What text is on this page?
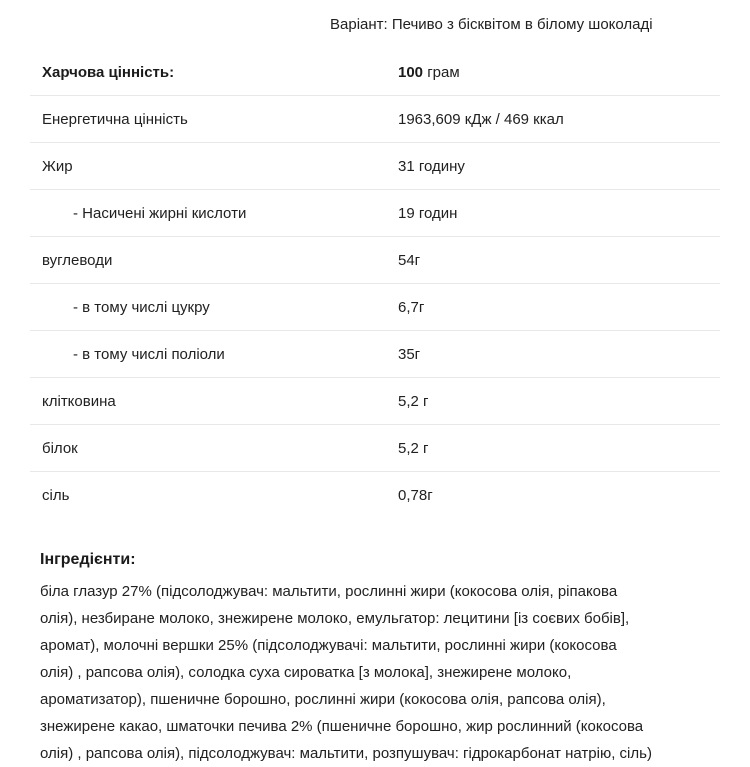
Варіант: Печиво з бісквітом в білому шоколаді
Харчова цінність:	100 грам
Енергетична цінність	1963,609 кДж / 469 ккал
Жир	31 годину
- Насичені жирні кислоти	19 годин
вуглеводи	54г
- в тому числі цукру	6,7г
- в тому числі поліоли	35г
клітковина	5,2 г
білок	5,2 г
сіль	0,78г
Інгредієнти:
біла глазур 27% (підсолоджувач: мальтити, рослинні жири (кокосова олія, ріпакова
олія), незбиране молоко, знежирене молоко, емульгатор: лецитини [із соєвих бобів],
аромат), молочні вершки 25% (підсолоджувачі: мальтити, рослинні жири (кокосова
олія) , рапсова олія), солодка суха сироватка [з молока], знежирене молоко,
ароматизатор), пшеничне борошно, рослинні жири (кокосова олія, рапсова олія),
знежирене какао, шматочки печива 2% (пшеничне борошно, жир рослинний (кокосова
олія) , рапсова олія), підсолоджувач: мальтити, розпушувач: гідрокарбонат натрію, сіль)
